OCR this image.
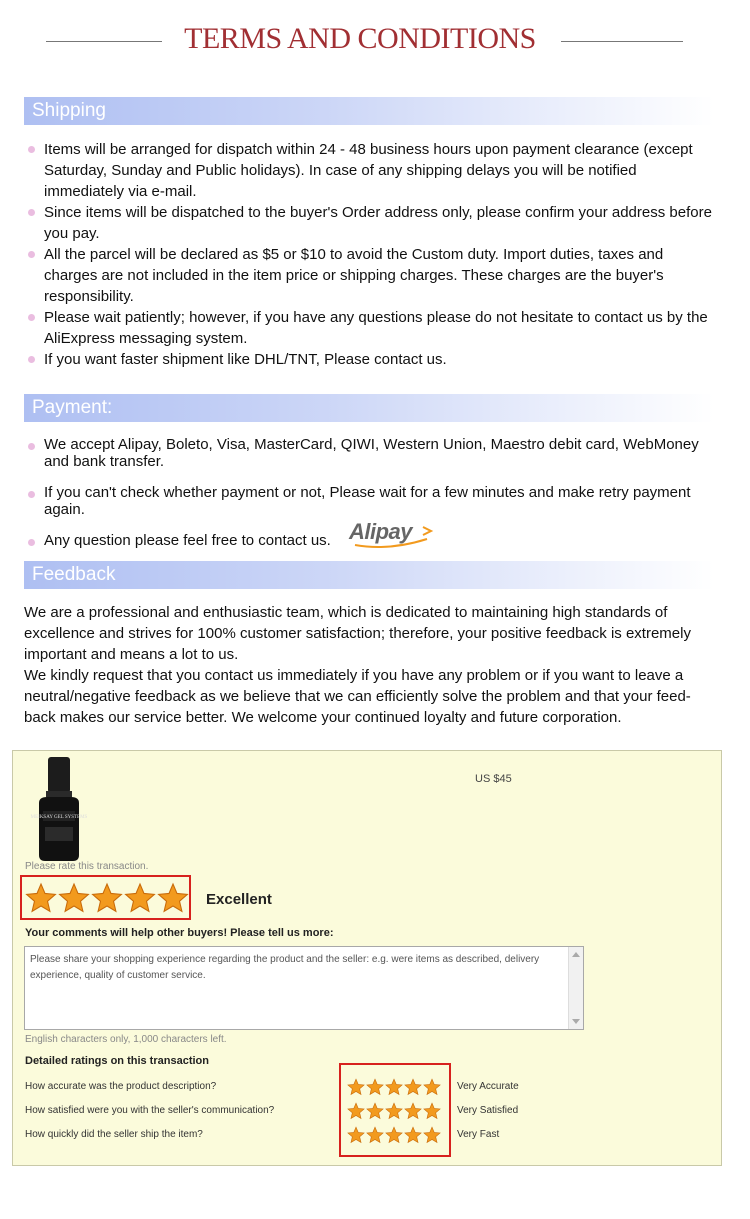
TERMS AND CONDITIONS
Shipping
Items will be arranged for dispatch within 24 - 48 business hours upon payment clearance (except Saturday, Sunday and Public holidays). In case of any shipping delays you will be notified immediately via e-mail.
Since items will be dispatched to the buyer's Order address only, please confirm your address before you pay.
All the parcel will be declared as $5 or $10 to avoid the Custom duty. Import duties, taxes and charges are not included in the item price or shipping charges. These charges are the buyer's responsibility.
Please wait patiently; however, if you have any questions please do not hesitate to contact us by the AliExpress messaging system.
If you want faster shipment like DHL/TNT, Please contact us.
Payment:
We accept Alipay, Boleto, Visa, MasterCard, QIWI, Western Union, Maestro debit card, WebMoney and bank transfer.
If you can't check whether payment or not, Please wait for a few minutes and make retry payment again.
Any question please feel free to contact us. Alipay
Feedback

We are a professional and enthusiastic team, which is dedicated to maintaining high standards of excellence and strives for 100% customer satisfaction; therefore, your positive feedback is extremely important and means a lot to us.

We kindly request that you contact us immediately if you have any problem or if you want to leave a neutral/negative feedback as we believe that we can efficiently solve the problem and that your feed-back makes our service better. We welcome your continued loyalty and future corporation.

MEIKSAY GEL SYSTEMS
US $45
Please rate this transaction.
Excellent
Your comments will help other buyers! Please tell us more:
Please share your shopping experience regarding the product and the seller: e.g. were items as described, delivery experience, quality of customer service.
English characters only, 1,000 characters left.
Detailed ratings on this transaction
How accurate was the product description?
How satisfied were you with the seller's communication?
How quickly did the seller ship the item?
Very Accurate
Very Satisfied
Very Fast
